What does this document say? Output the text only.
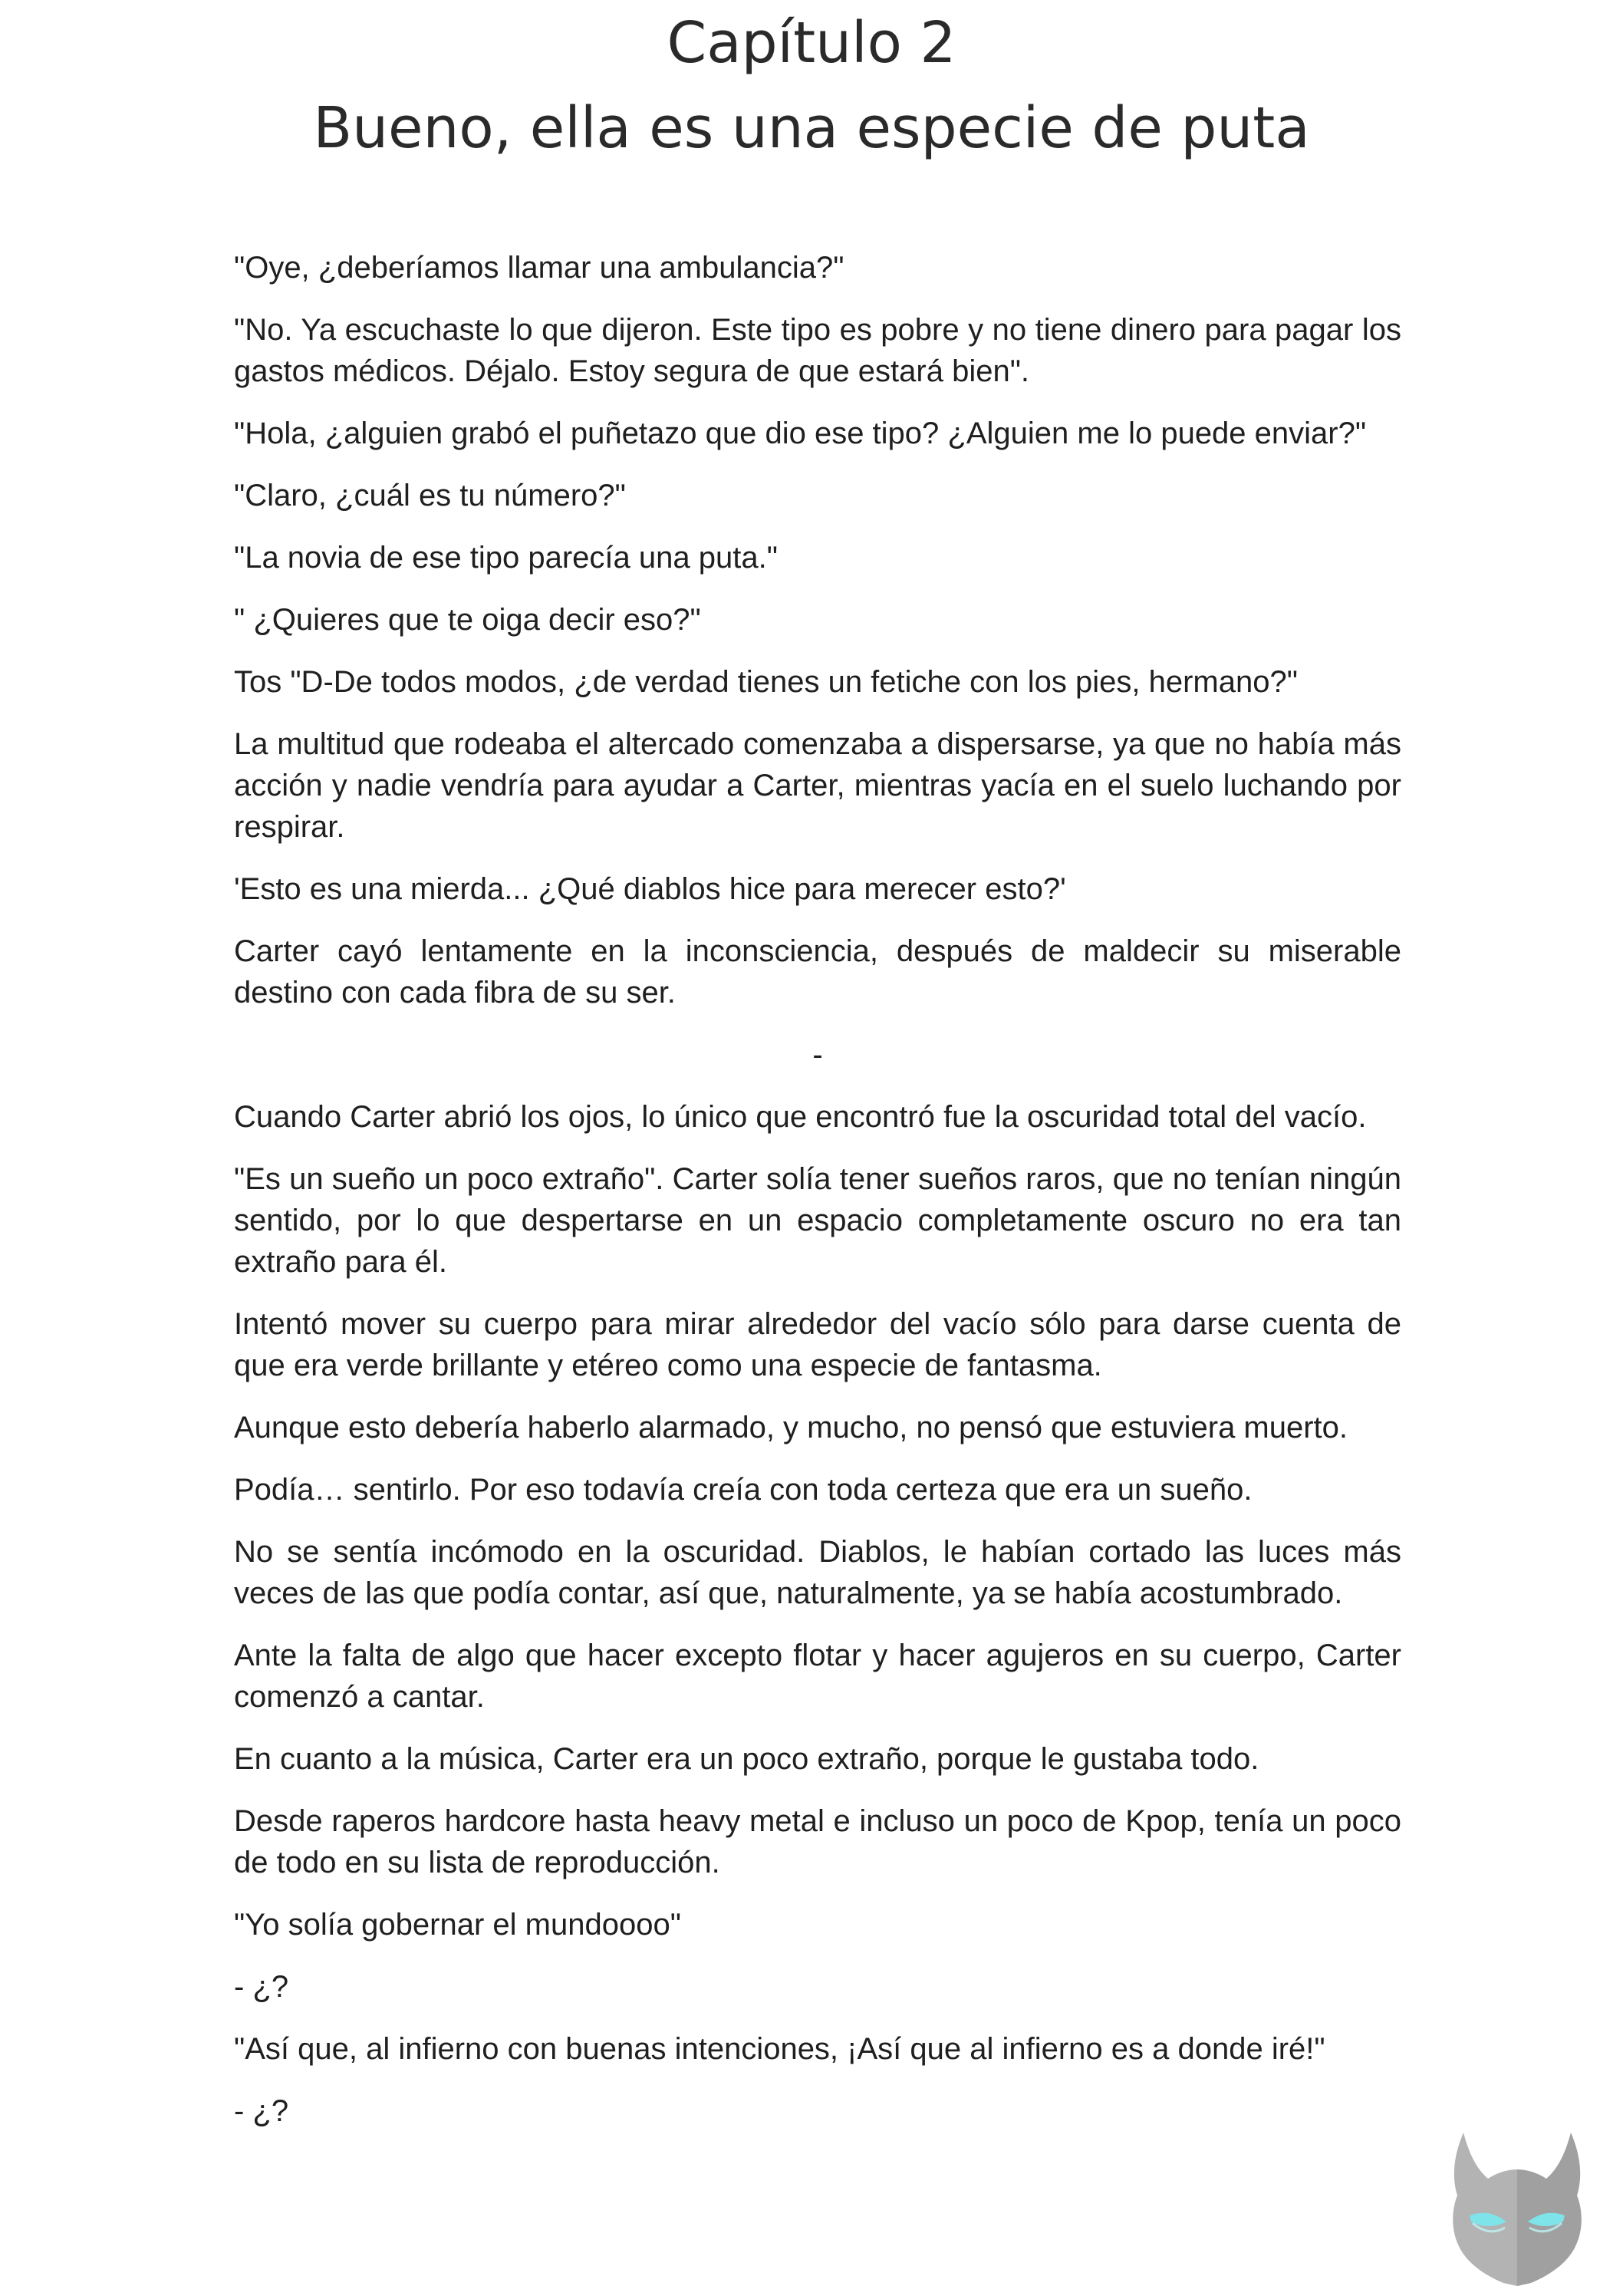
Capítulo 2
Bueno, ella es una especie de puta

"Oye, ¿deberíamos llamar una ambulancia?"

"No. Ya escuchaste lo que dijeron. Este tipo es pobre y no tiene dinero para pagar los gastos médicos. Déjalo. Estoy segura de que estará bien".

"Hola, ¿alguien grabó el puñetazo que dio ese tipo? ¿Alguien me lo puede enviar?"

"Claro, ¿cuál es tu número?"

"La novia de ese tipo parecía una puta."

" ¿Quieres que te oiga decir eso?"

Tos "D-De todos modos, ¿de verdad tienes un fetiche con los pies, hermano?"

La multitud que rodeaba el altercado comenzaba a dispersarse, ya que no había más acción y nadie vendría para ayudar a Carter, mientras yacía en el suelo luchando por respirar.

'Esto es una mierda... ¿Qué diablos hice para merecer esto?'

Carter cayó lentamente en la inconsciencia, después de maldecir su miserable destino con cada fibra de su ser.

-

Cuando Carter abrió los ojos, lo único que encontró fue la oscuridad total del vacío.

"Es un sueño un poco extraño". Carter solía tener sueños raros, que no tenían ningún sentido, por lo que despertarse en un espacio completamente oscuro no era tan extraño para él.

Intentó mover su cuerpo para mirar alrededor del vacío sólo para darse cuenta de que era verde brillante y etéreo como una especie de fantasma.

Aunque esto debería haberlo alarmado, y mucho, no pensó que estuviera muerto.

Podía… sentirlo. Por eso todavía creía con toda certeza que era un sueño.

No se sentía incómodo en la oscuridad. Diablos, le habían cortado las luces más veces de las que podía contar, así que, naturalmente, ya se había acostumbrado.

Ante la falta de algo que hacer excepto flotar y hacer agujeros en su cuerpo, Carter comenzó a cantar.

En cuanto a la música, Carter era un poco extraño, porque le gustaba todo.

Desde raperos hardcore hasta heavy metal e incluso un poco de Kpop, tenía un poco de todo en su lista de reproducción.

"Yo solía gobernar el mundoooo"

- ¿?

"Así que, al infierno con buenas intenciones, ¡Así que al infierno es a donde iré!"

- ¿?
